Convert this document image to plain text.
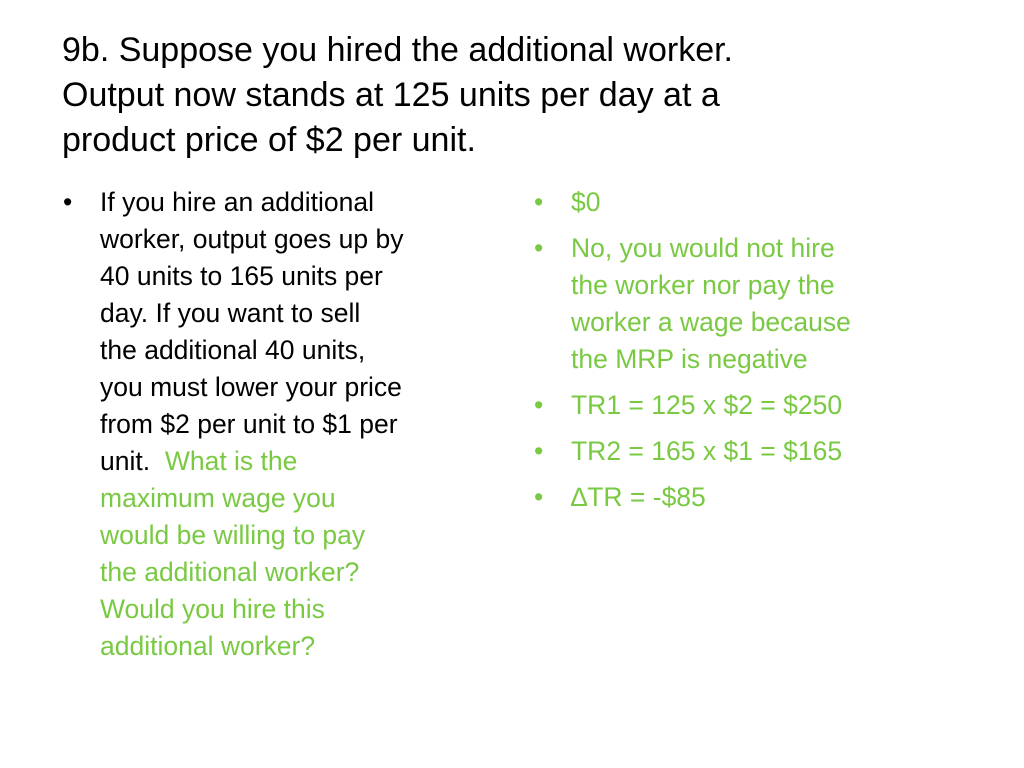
9b. Suppose you hired the additional worker.
Output now stands at 125 units per day at a
product price of $2 per unit.
•	If you hire an additional
worker, output goes up by
40 units to 165 units per
day. If you want to sell
the additional 40 units,
you must lower your price
from $2 per unit to $1 per
unit.  What is the
maximum wage you
would be willing to pay
the additional worker?
Would you hire this
additional worker?
•	$0
•	No, you would not hire
the worker nor pay the
worker a wage because
the MRP is negative
•	TR1 = 125 x $2 = $250
•	TR2 = 165 x $1 = $165
•	∆TR = -$85
